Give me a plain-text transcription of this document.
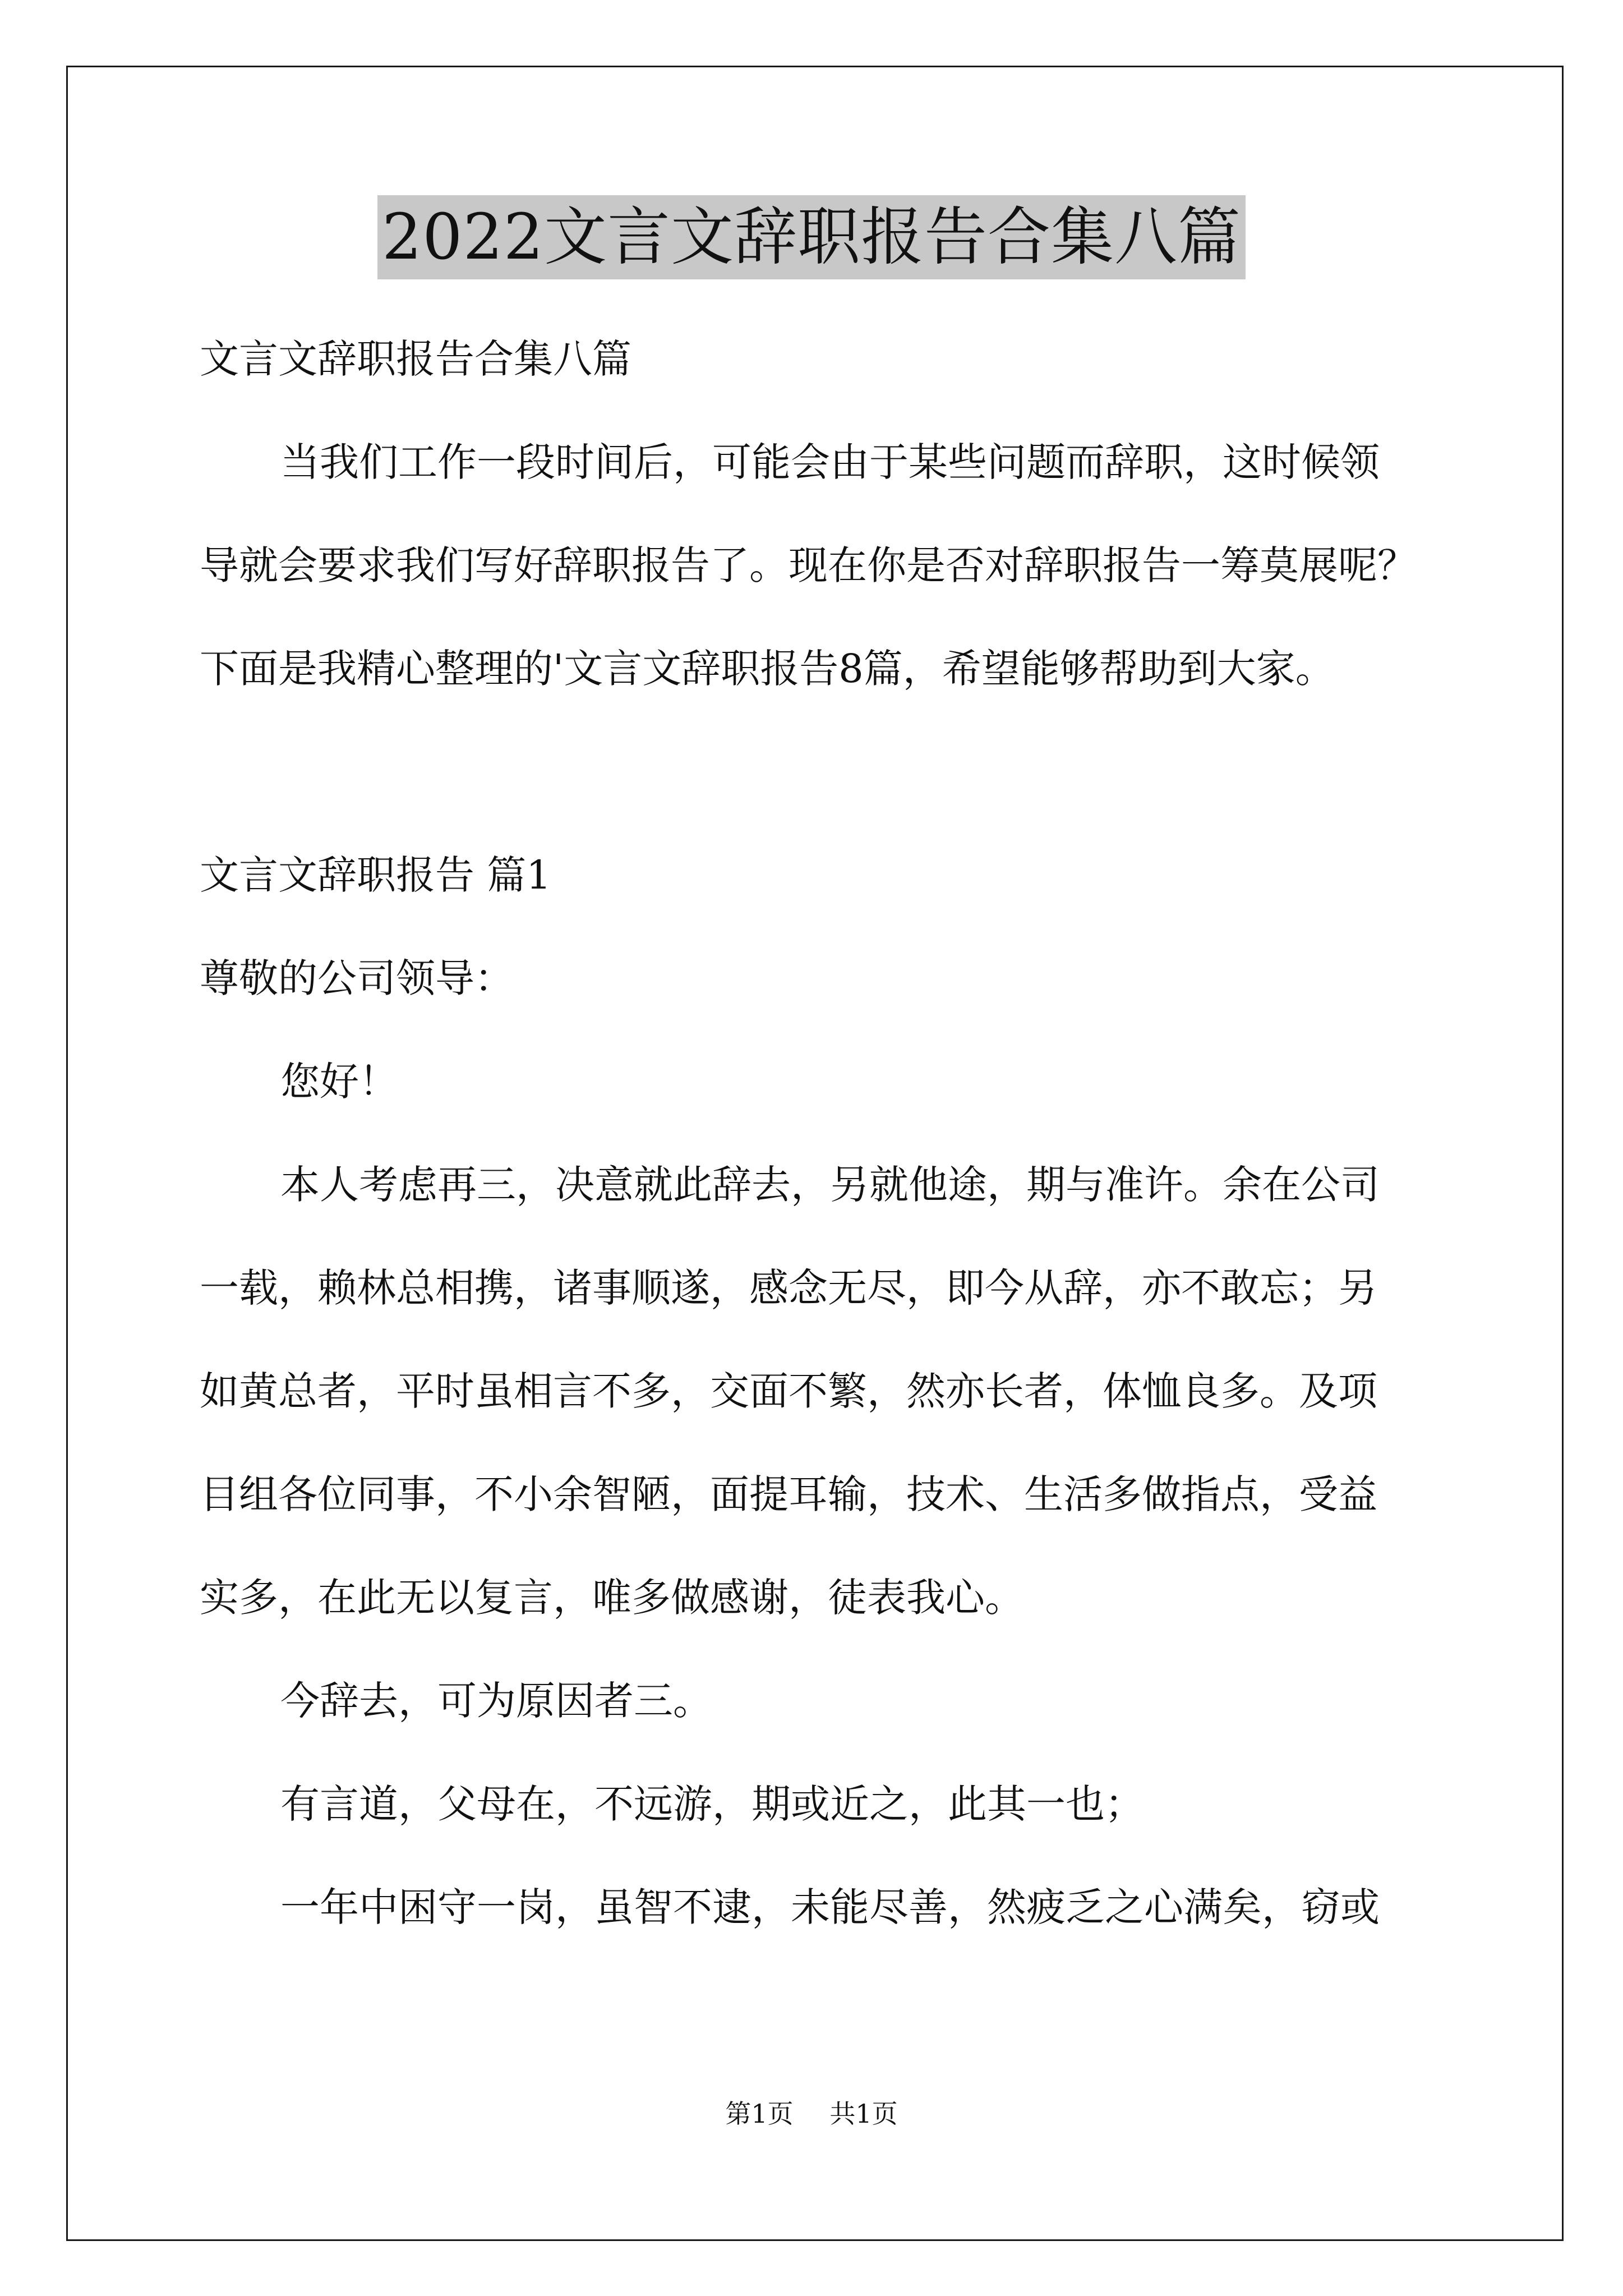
2022文言文辞职报告合集八篇

文言文辞职报告合集八篇

当我们工作一段时间后，可能会由于某些问题而辞职，这时候领

导就会要求我们写好辞职报告了。现在你是否对辞职报告一筹莫展呢？

下面是我精心整理的'文言文辞职报告8篇，希望能够帮助到大家。

文言文辞职报告 篇1

尊敬的公司领导：

您好！

本人考虑再三，决意就此辞去，另就他途，期与准许。余在公司

一载，赖林总相携，诸事顺遂，感念无尽，即今从辞，亦不敢忘；另

如黄总者，平时虽相言不多，交面不繁，然亦长者，体恤良多。及项

目组各位同事，不小余智陋，面提耳输，技术、生活多做指点，受益

实多，在此无以复言，唯多做感谢，徒表我心。

今辞去，可为原因者三。

有言道，父母在，不远游，期或近之，此其一也；

一年中困守一岗，虽智不逮，未能尽善，然疲乏之心满矣，窃或

第1页 共1页
